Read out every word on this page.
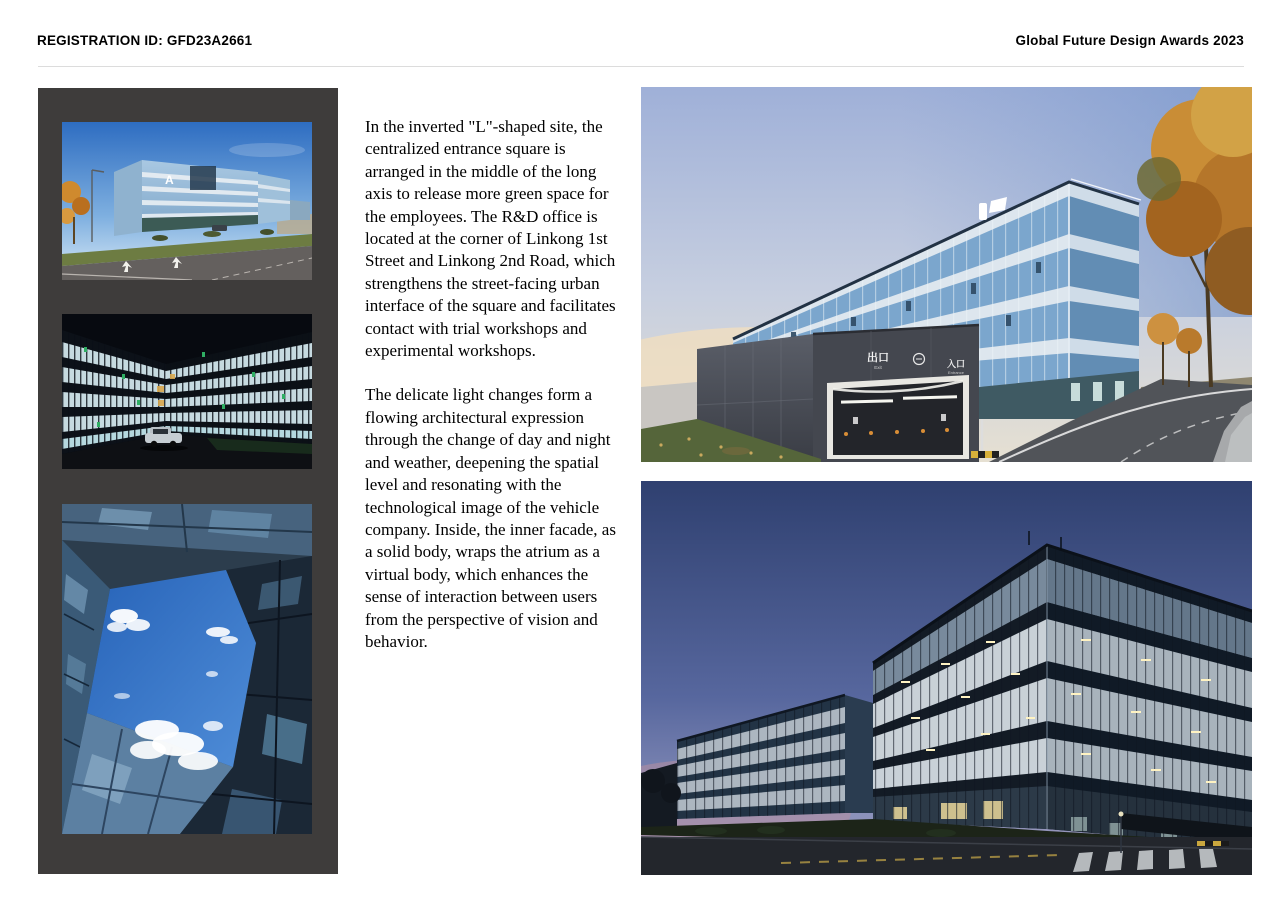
REGISTRATION ID: GFD23A2661	Global Future Design Awards 2023
A

In the inverted "L"-shaped site, the centralized entrance square is arranged in the middle of the long axis to release more green space for the employees. The R&D office is located at the corner of Linkong 1st Street and Linkong 2nd Road, which strengthens the street-facing urban interface of the square and facilitates contact with trial workshops and experimental workshops.

The delicate light changes form a flowing architectural expression through the change of day and night and weather, deepening the spatial level and resonating with the technological image of the vehicle company. Inside, the inner facade, as a solid body, wraps the atrium as a virtual body, which enhances the sense of interaction between users from the perspective of vision and behavior.

出口
Exit	入口
Entrance
